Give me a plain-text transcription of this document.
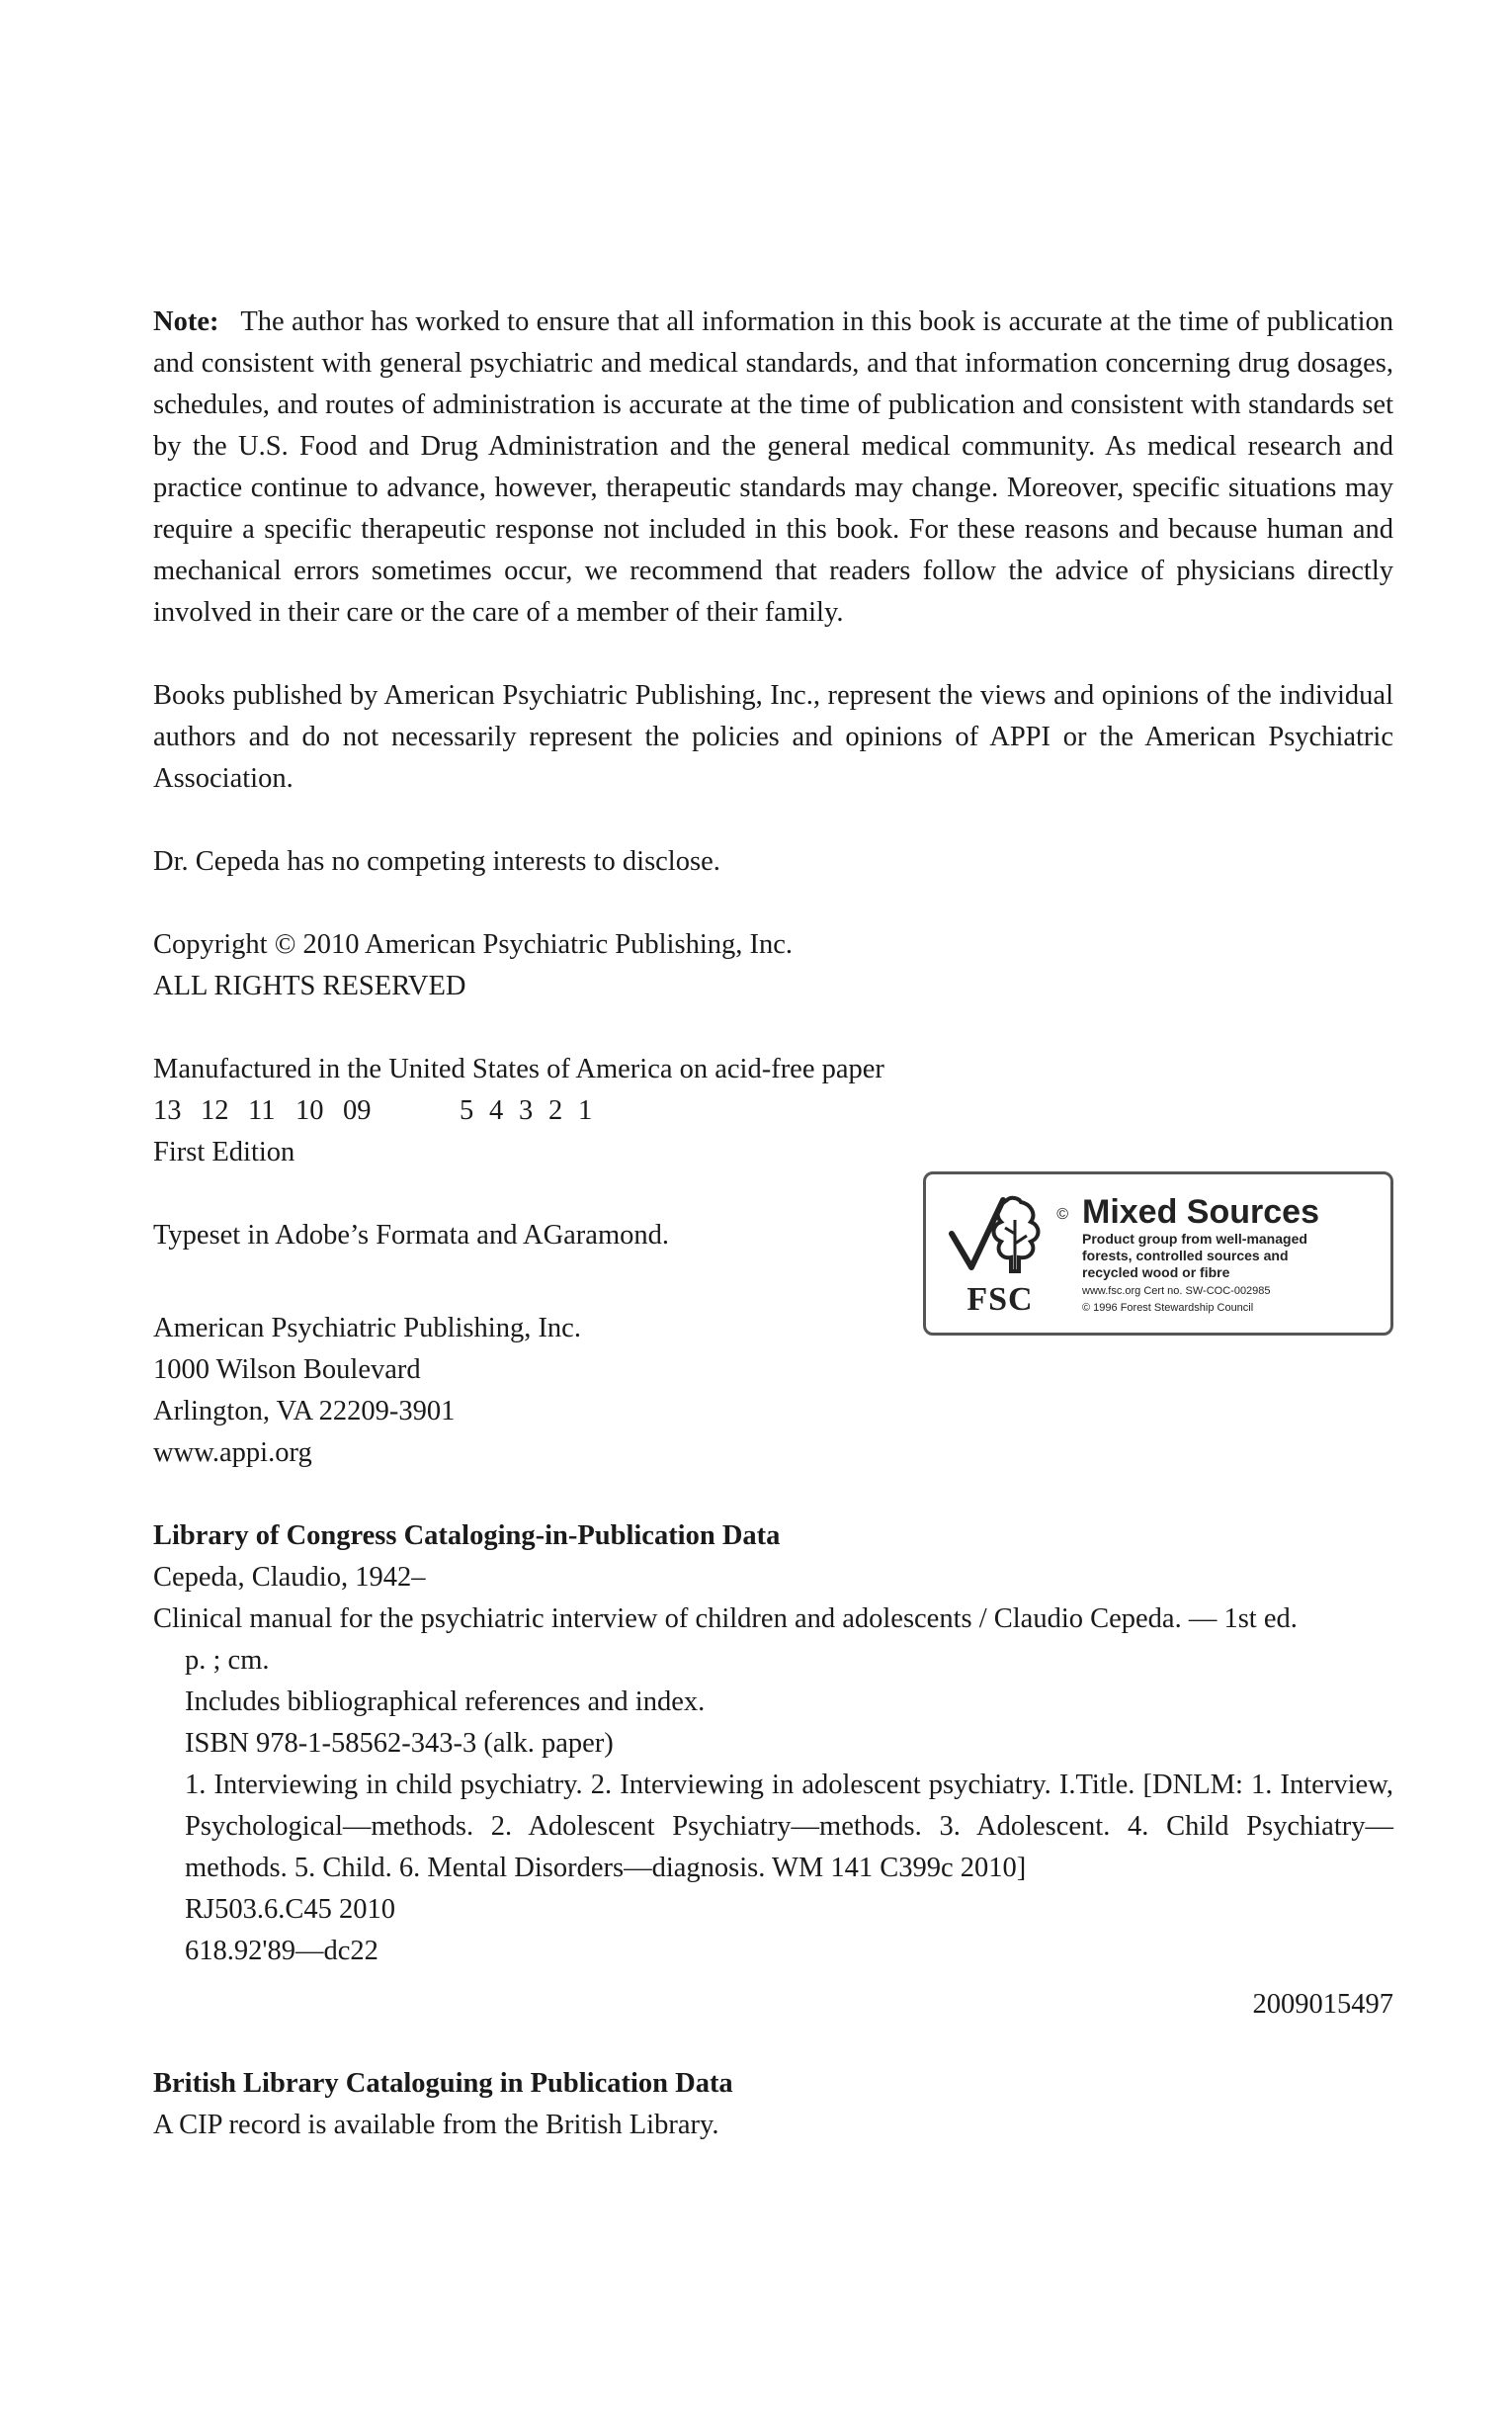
Note: The author has worked to ensure that all information in this book is accurate at the time of publication and consistent with general psychiatric and medical standards, and that information concerning drug dosages, schedules, and routes of administration is accurate at the time of publication and consistent with standards set by the U.S. Food and Drug Administration and the general medical community. As medical research and practice continue to advance, however, therapeutic standards may change. Moreover, specific situations may require a specific therapeutic response not included in this book. For these reasons and because human and mechanical errors sometimes occur, we recommend that readers follow the advice of physicians directly involved in their care or the care of a member of their family.

Books published by American Psychiatric Publishing, Inc., represent the views and opinions of the individual authors and do not necessarily represent the policies and opinions of APPI or the American Psychiatric Association.

Dr. Cepeda has no competing interests to disclose.

Copyright © 2010 American Psychiatric Publishing, Inc.

ALL RIGHTS RESERVED

Manufactured in the United States of America on acid-free paper

13 12 11 10 09	5 4 3 2 1

First Edition

Typeset in Adobe’s Formata and AGaramond.

American Psychiatric Publishing, Inc.

1000 Wilson Boulevard

Arlington, VA 22209-3901

www.appi.org

©
FSC
Mixed Sources
Product group from well-managed
forests, controlled sources and
recycled wood or fibre
www.fsc.org Cert no. SW-COC-002985
© 1996 Forest Stewardship Council

Library of Congress Cataloging-in-Publication Data

Cepeda, Claudio, 1942–

Clinical manual for the psychiatric interview of children and adolescents / Claudio Cepeda. — 1st ed.

p. ; cm.

Includes bibliographical references and index.

ISBN 978-1-58562-343-3 (alk. paper)

1. Interviewing in child psychiatry. 2. Interviewing in adolescent psychiatry. I.Title. [DNLM: 1. Interview, Psychological—methods. 2. Adolescent Psychiatry—methods. 3. Adolescent. 4. Child Psychiatry—methods. 5. Child. 6. Mental Disorders—diagnosis. WM 141 C399c 2010]

RJ503.6.C45 2010

618.92'89—dc22

2009015497

British Library Cataloguing in Publication Data

A CIP record is available from the British Library.
